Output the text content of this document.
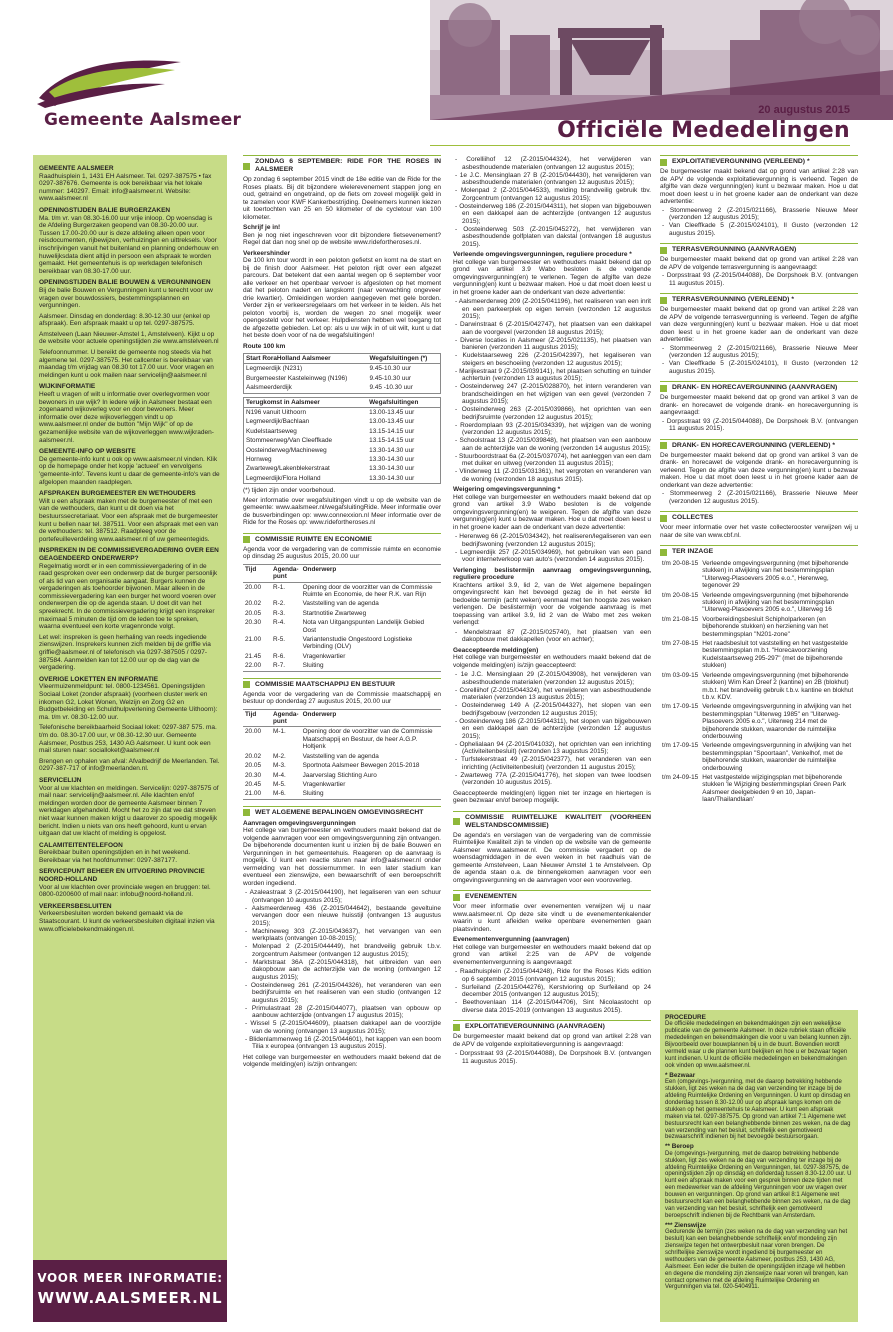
Gemeente Aalsmeer	20 augustus 2015
Officiële Mededelingen
GEMEENTE AALSMEER

Raadhuisplein 1, 1431 EH Aalsmeer. Tel. 0297-387575 • fax 0297-387676. Gemeente is ook bereikbaar via het lokale nummer: 140297. Email: info@aalsmeer.nl. Website: www.aalsmeer.nl

OPENINGSTIJDEN BALIE BURGERZAKEN

Ma. t/m vr. van 08.30-16.00 uur vrije inloop. Op woensdag is de Afdeling Burgerzaken geopend van 08.30-20.00 uur. Tussen 17.00-20.00 uur is deze afdeling alleen open voor reisdocumenten, rijbewijzen, verhuizingen en uittreksels. Voor inschrijvingen vanuit het buitenland en planning onderhouw en huwelijksdata dient altijd in persoon een afspraak te worden gemaakt. Het gemeentehuis is op werkdagen telefonisch bereikbaar van 08.30-17.00 uur.

OPENINGSTIJDEN BALIE BOUWEN & VERGUNNINGEN

Bij de balie Bouwen en Vergunningen kunt u terecht voor uw vragen over bouwdossiers, bestemmingsplannen en vergunningen.

Aalsmeer. Dinsdag en donderdag: 8.30-12.30 uur (enkel op afspraak). Een afspraak maakt u op tel. 0297-387575.

Amstelveen (Laan Nieuwer-Amstel 1, Amstelveen). Kijkt u op de website voor actuele openingstijden zie www.amstelveen.nl

Telefoonnummer. U bereikt de gemeente nog steeds via het algemene tel. 0297-387575. Het callcenter is bereikbaar van maandag t/m vrijdag van 08.30 tot 17.00 uur. Voor vragen en meldingen kunt u ook mailen naar servicelijn@aalsmeer.nl

WIJKINFORMATIE

Heeft u vragen of wilt u informatie over overlegvormen voor bewoners in uw wijk? In iedere wijk in Aalsmeer bestaat een zogenaamd wijkoverleg voor en door bewoners. Meer informatie over deze wijkoverleggen vindt u op www.aalsmeer.nl onder de button "Mijn Wijk" of op de gezamenlijke website van de wijkoverleggen www.wijkraden-aalsmeer.nl.

GEMEENTE-INFO OP WEBSITE

De gemeente-info kunt u ook op www.aalsmeer.nl vinden. Klik op de homepage onder het kopje 'actueel' en vervolgens 'gemeente-info'. Tevens kunt u daar de gemeente-info's van de afgelopen maanden raadplegen.

AFSPRAKEN BURGEMEESTER EN WETHOUDERS

Wilt u een afspraak maken met de burgemeester of met een van de wethouders, dan kunt u dit doen via het bestuurssecretariaat. Voor een afspraak met de burgemeester kunt u bellen naar tel. 387511. Voor een afspraak met een van de wethouders: tel. 387512. Raadpleeg voor de portefeuilleverdeling www.aalsmeer.nl of uw gemeentegids.

INSPREKEN IN DE COMMISSIEVERGADERING OVER EEN GEAGENDEERD ONDERWERP?

Regelmatig wordt er in een commissievergadering of in de raad gesproken over een onderwerp dat de burger persoonlijk of als lid van een organisatie aangaat. Burgers kunnen de vergaderingen als toehoorder bijwonen. Maar alleen in de commissievergadering kan een burger het woord voeren over onderwerpen die op de agenda staan. U doet dit van het spreekrecht. In de commissievergadering krijgt een inspreker maximaal 5 minuten de tijd om de leden toe te spreken, waarna eventueel een korte vragenronde volgt.

Let wel: inspreken is geen herhaling van reeds ingediende zienswijzen. Insprekers kunnen zich melden bij de griffie via griffie@aalsmeer.nl of telefonisch via 0297-387505 / 0297-387584. Aanmelden kan tot 12.00 uur op de dag van de vergadering.

OVERIGE LOKETTEN EN INFORMATIE

Vleermuizenmeldpunt: tel. 0800-1234561. Openingstijden Sociaal Loket (zonder afspraak) (voorheen cluster werk en inkomen G2, Loket Wonen, Welzijn en Zorg G2 en Budgetbeleiding en Schuldhulpverlening Gemeente Uithoorn): ma. t/m vr. 08.30-12.00 uur.

Telefonische bereikbaarheid Sociaal loket: 0297-387 575. ma. t/m do. 08.30-17.00 uur, vr 08.30-12.30 uur. Gemeente Aalsmeer, Postbus 253, 1430 AG Aalsmeer. U kunt ook een mail sturen naar: socialloket@aalsmeer.nl

Brengen en ophalen van afval: Afvalbedrijf de Meerlanden. Tel. 0297-387-717 of info@meerlanden.nl.

SERVICELIJN

Voor al uw klachten en meldingen. Servicelijn: 0297-387575 of mail naar: servicelijn@aalsmeer.nl. Alle klachten en/of meldingen worden door de gemeente Aalsmeer binnen 7 werkdagen afgehandeld. Mocht het zo zijn dat we dat streven niet waar kunnen maken krijgt u daarover zo spoedig mogelijk bericht. Indien u niets van ons heeft gehoord, kunt u ervan uitgaan dat uw klacht of melding is opgelost.

CALAMITEITENTELEFOON

Bereikbaar buiten openingstijden en in het weekend. Bereikbaar via het hoofdnummer: 0297-387177.

SERVICEPUNT BEHEER EN UITVOERING PROVINCIE NOORD-HOLLAND

Voor al uw klachten over provinciale wegen en bruggen: tel. 0800-0200600 of mail naar: infobu@noord-holland.nl.

VERKEERSBESLUITEN

Verkeersbesluiten worden bekend gemaakt via de Staatscourant. U kunt de verkeersbesluiten digitaal inzien via www.officielebekendmakingen.nl.

VOOR MEER INFORMATIE:
WWW.AALSMEER.NL
ZONDAG 6 SEPTEMBER: RIDE FOR THE ROSES IN AALSMEER
Op zondag 6 september 2015 vindt de 18e editie van de Ride for the Roses plaats. Bij dit bijzondere wielerevenement stappen jong en oud, getraind en ongetraind, op de fiets om zoveel mogelijk geld in te zamelen voor KWF Kankerbestrijding. Deelnemers kunnen kiezen uit toertochten van 25 en 50 kilometer of de cycletour van 100 kilometer.
Schrijf je in!
Ben je nog niet ingeschreven voor dit bijzondere fietsevenement? Regel dat dan nog snel op de website www.ridefortheroses.nl.
Verkeershinder
De 100 km tour wordt in een peloton gefietst en komt na de start en bij de finish door Aalsmeer. Het peloton rijdt over een afgezet parcours. Dat betekent dat een aantal wegen op 6 september voor alle verkeer en het openbaar vervoer is afgesloten op het moment dat het peloton nadert en langskomt (naar verwachting ongeveer drie kwartier). Omleidingen worden aangegeven met gele borden. Verder zijn er verkeersregelaars om het verkeer in te leiden. Als het peloton voorbij is, worden de wegen zo snel mogelijk weer opengesteld voor het verkeer. Hulpdiensten hebben wel toegang tot de afgezette gebieden. Let op: als u uw wijk in of uit wilt, kunt u dat het beste doen voor of na de wegafsluitingen!
Route 100 km
Start RoraHolland Aalsmeer	Wegafsluitingen (*)
Legmeerdijk (N231)	9.45-10.30 uur
Burgemeester Kasteleinweg (N196)	9.45-10.30 uur
Aalsmeerderdijk	9.45 -10.30 uur
Terugkomst in Aalsmeer	Wegafsluitingen
N196 vanuit Uithoorn	13.00-13.45 uur
Legmeerdijk/Bachlaan	13.00-13.45 uur
Kudelstaartseweg	13.15-14.15 uur
Stommeerweg/Van Cleeffkade	13.15-14.15 uur
Oosteinderweg/Machineweg	13.30-14.30 uur
Hornweg	13.30-14.30 uur
Zwarteweg/Lakenblekerstraat	13.30-14.30 uur
Legmeerdijk/Flora Holland	13.30-14.30 uur
(*) tijden zijn onder voorbehoud.
Meer informatie over wegafsluitingen vindt u op de website van de gemeente: www.aalsmeer.nl/wegafsluitingRide. Meer informatie over de busverbindingen op: www.connexxion.nl Meer informatie over de Ride for the Roses op: www.ridefortheroses.nl
COMMISSIE RUIMTE EN ECONOMIE
Agenda voor de vergadering van de commissie ruimte en economie op dinsdag 25 augustus 2015, 20.00 uur
Tijd	Agenda-punt	Onderwerp
20.00	R-1.	Opening door de voorzitter van de Commissie Ruimte en Economie, de heer R.K. van Rijn
20.02	R-2.	Vaststelling van de agenda
20.05	R-3.	Startnotitie Zwarteweg
20.30	R-4.	Nota van Uitgangspunten Landelijk Gebied Oost
21.00	R-5.	Variantenstudie Ongestoord Logistieke Verbinding (OLV)
21.45	R-6.	Vragenkwartier
22.00	R-7.	Sluiting
COMMISSIE MAATSCHAPPIJ EN BESTUUR
Agenda voor de vergadering van de Commissie maatschappij en bestuur op donderdag 27 augustus 2015, 20.00 uur
Tijd	Agenda-punt	Onderwerp
20.00	M-1.	Opening door de voorzitter van de Commissie Maatschappij en Bestuur, de heer A.G.P. Holtjenk
20.02	M-2.	Vaststelling van de agenda
20.05	M-3.	Sportnota Aalsmeer Bewegen 2015-2018
20.30	M-4.	Jaarverslag Stichting Auro
20.45	M-5.	Vragenkwartier
21.00	M-6.	Sluiting
WET ALGEMENE BEPALINGEN OMGEVINGSRECHT
Aanvragen omgevingsvergunningen
Het college van burgemeester en wethouders maakt bekend dat de volgende aanvragen voor een omgevingsvergunning zijn ontvangen. De bijbehorende documenten kunt u inzien bij de balie Bouwen en Vergunningen in het gemeentehuis. Reageren op de aanvraag is mogelijk. U kunt een reactie sturen naar info@aalsmeer.nl onder vermelding van het dossiernummer. In een later stadium kan eventueel een zienswijze, een bewaarschrift of een beroepschrift worden ingediend.
- Azaleastraat 3 (Z-2015/044190), het legaliseren van een schuur (ontvangen 10 augustus 2015);
- Aalsmeerderweg 436 (Z-2015/044642), bestaande geveltuine vervangen door een nieuwe huisstijl (ontvangen 13 augustus 2015);
- Machineweg 303 (Z-2015/043637), het vervangen van een werkplaats (ontvangen 10-08-2015);
- Molenpad 2 (Z-2015/044449), het brandveilig gebruik t.b.v. zorgcentrum Aalsmeer (ontvangen 12 augustus 2015);
- Marktstraat 36A (Z-2015/044318), het uitbreiden van een dakopbouw aan de achterzijde van de woning (ontvangen 12 augustus 2015);
- Oosteinderweg 261 (Z-2015/044326), het veranderen van een bedrijfsruimte en het realiseren van een studio (ontvangen 12 augustus 2015);
- Primulastraat 28 (Z-2015/044077), plaatsen van opbouw op aanbouw achterzijde (ontvangen 17 augustus 2015);
- Wissel 5 (Z-2015/044609), plaatsen dakkapel aan de voorzijde van de woning (ontvangen 13 augustus 2015);
- Blidenlammenweg 16 (Z-2015/044601), het kappen van een boom Tilia x europea (ontvangen 13 augustus 2015).
Het college van burgemeester en wethouders maakt bekend dat de volgende melding(en) is/zijn ontvangen:
- Corelliihof 12 (Z-2015/044324), het verwijderen van asbesthoudende materialen (ontvangen 12 augustus 2015);
- 1e J.C. Mensinglaan 27 B (Z-2015/044430), het verwijderen van asbesthoudende materialen (ontvangen 12 augustus 2015);
- Molenpad 2 (Z-2015/044533), melding brandveilig gebruik tbv. Zorgcentrum (ontvangen 12 augustus 2015);
- Oosteinderweg 186 (Z-2015/044311), het slopen van bijgebouwen en een dakkapel aan de achterzijde (ontvangen 12 augustus 2015);
- Oosteinderweg 503 (Z-2015/045272), het verwijderen van asbesthoudende golfplaten van dakstal (ontvangen 18 augustus 2015).
Verleende omgevingsvergunningen, reguliere procedure *
Het college van burgemeester en wethouders maakt bekend dat op grond van artikel 3.9 Wabo besloten is de volgende omgevingsvergunning(en) te verlenen. Tegen de afgifte van deze vergunning(en) kunt u bezwaar maken. Hoe u dat moet doen leest u in het groene kader aan de onderkant van deze advertentie:
- Aalsmeerderweg 209 (Z-2015/041196), het realiseren van een inrit en een parkeerplek op eigen terrein (verzonden 12 augustus 2015);
- Darwinstraat 6 (Z-2015/042747), het plaatsen van een dakkapel aan de voorgevel (verzonden 18 augustus 2015);
- Diverse locaties in Aalsmeer (Z-2015/021135), het plaatsen van banieren (verzonden 11 augustus 2015);
- Kudelstaarseweg 226 (Z-2015/042397), het legaliseren van steigers en beschoeiing (verzonden 12 augustus 2015);
- Marijkestraat 9 (Z-2015/039141), het plaatsen schutting en tuinder achtertuin (verzonden 13 augustus 2015);
- Oosteinderweg 247 (Z-2015/028870), het intern veranderen van brandscheidingen en het wijzigen van een gevel (verzonden 7 augustus 2015);
- Oosteinderweg 263 (Z-2015/039866), het oprichten van een bedrijfsruimte (verzonden 12 augustus 2015);
- Roerdomplaan 93 (Z-2015/034339), het wijzigen van de woning (verzonden 12 augustus 2015);
- Schoolstraat 13 (Z-2015/039848), het plaatsen van een aanbouw aan de achterzijde van de woning (verzonden 14 augustus 2015);
- Stuurboordstraat 6a (Z-2015/037074), het aanleggen van een dam met duiker en uitweg (verzonden 11 augustus 2015);
- Vlinderweg 11 (Z-2015/031361), het vergroten en veranderen van de woning (verzonden 18 augustus 2015).
Weigering omgevingsvergunning *
Het college van burgemeester en wethouders maakt bekend dat op grond van artikel 3.9 Wabo besloten is de volgende omgevingsvergunning(en) te weigeren. Tegen de afgifte van deze vergunning(en) kunt u bezwaar maken. Hoe u dat moet doen leest u in het groene kader aan de onderkant van deze advertentie:
- Herenweg 66 (Z-2015/034342), het realiseren/legaliseren van een bedrijfswoning (verzonden 12 augustus 2015);
- Legmeerdijk 257 (Z-2015/034969), het gebruiken van een pand voor internetverkoop van auto's (verzonden 14 augustus 2015).
Verlenging beslistermijn aanvraag omgevingsvergunning, reguliere procedure
Krachtens artikel 3.9, lid 2, van de Wet algemene bepalingen omgevingsrecht kan het bevoegd gezag de in het eerste lid bedoelde termijn (acht weken) eenmaal met ten hoogste zes weken verlengen. De beslistermijn voor de volgende aanvraag is met toepassing van artikel 3.9, lid 2 van de Wabo met zes weken verlengd:
- Mendelstraat 87 (Z-2015/025740), het plaatsen van een dakopbouw met dakkapellen (voor en achter);
Geaccepteerde melding(en)
Het college van burgemeester en wethouders maakt bekend dat de volgende melding(en) is/zijn geaccepteerd:
- 1e J.C. Mensinglaan 29 (Z-2015/043908), het verwijderen van asbesthoudende materialen (verzonden 12 augustus 2015);
- Corelliihof (Z-2015/044324), het verwijderen van asbesthoudende materialen (verzonden 13 augustus 2015);
- Oosteinderweg 149 A (Z-2015/044327), het slopen van een bedrijfsgebouw (verzonden 12 augustus 2015);
- Oosteinderweg 186 (Z-2015/044311), het slopen van bijgebouwen en een dakkapel aan de achterzijde (verzonden 12 augustus 2015);
- Ophelialaan 94 (Z-2015/041032), het oprichten van een inrichting (Activiteitenbesluit) (verzonden 13 augustus 2015);
- Turfstekerstraat 49 (Z-2015/042377), het veranderen van een inrichting (Activiteitenbesluit) (verzonden 11 augustus 2015);
- Zwarteweg 77A (Z-2015/041776), het slopen van twee loodsen (verzonden 10 augustus 2015).
Geaccepteerde melding(en) liggen niet ter inzage en hiertegen is geen bezwaar en/of beroep mogelijk.
COMMISSIE RUIMTELIJKE KWALITEIT (VOORHEEN WELSTANDSCOMMISSIE)
De agenda's en verslagen van de vergadering van de commissie Ruimtelijke Kwaliteit zijn te vinden op de website van de gemeente Aalsmeer www.aalsmeer.nl. De commissie vergadert op de woensdagmiddagen in de even weken in het raadhuis van de gemeente Amstelveen, Laan Nieuwer Amstel 1 te Amstelveen. Op de agenda staan o.a. de binnengekomen aanvragen voor een omgevingsvergunning en de aanvragen voor een vooroverleg.
EVENEMENTEN
Voor meer informatie over evenementen verwijzen wij u naar www.aalsmeer.nl. Op deze site vindt u de evenementenkalender waarin u kunt afleiden welke openbare evenementen gaan plaatsvinden.
Evenementenvergunning (aanvragen)
Het college van burgemeester en wethouders maakt bekend dat op grond van artikel 2:25 van de APV de volgende evenementenvergunning is aangevraagd:
- Raadhuisplein (Z-2015/044248), Ride for the Roses Kids edition op 6 september 2015 (ontvangen 12 augustus 2015);
- Surfeiland (Z-2015/044276), Kerstvioring op Surfeiland op 24 december 2015 (ontvangen 12 augustus 2015);
- Beethovenlaan 114 (Z-2015/044706), Sint Nicolaastocht op diverse data 2015-2019 (ontvangen 13 augustus 2015).
EXPLOITATIEVERGUNNING (AANVRAGEN)
De burgemeester maakt bekend dat op grond van artikel 2:28 van de APV de volgende exploitatievergunning is aangevraagd:
- Dorpsstraat 93 (Z-2015/044088), De Dorpshoek B.V. (ontvangen 11 augustus 2015).
EXPLOITATIEVERGUNNING (VERLEEND) *
De burgemeester maakt bekend dat op grond van artikel 2:28 van de APV de volgende exploitatievergunning is verleend. Tegen de afgifte van deze vergunning(en) kunt u bezwaar maken. Hoe u dat moet doen leest u in het groene kader aan de onderkant van deze advertentie:
- Stommeerweg 2 (Z-2015/021166), Brasserie Nieuwe Meer (verzonden 12 augustus 2015);
- Van Cleeffkade 5 (Z-2015/024101), Il Gusto (verzonden 12 augustus 2015).
TERRASVERGUNNING (AANVRAGEN)
De burgemeester maakt bekend dat op grond van artikel 2:28 van de APV de volgende terrasvergunning is aangevraagd:
- Dorpsstraat 93 (Z-2015/044088), De Dorpshoek B.V. (ontvangen 11 augustus 2015).
TERRASVERGUNNING (VERLEEND) *
De burgemeester maakt bekend dat op grond van artikel 2:28 van de APV de volgende terrasvergunning is verleend. Tegen de afgifte van deze vergunning(en) kunt u bezwaar maken. Hoe u dat moet doen leest u in het groene kader aan de onderkant van deze advertentie:
- Stommeerweg 2 (Z-2015/021166), Brasserie Nieuwe Meer (verzonden 12 augustus 2015);
- Van Cleeffkade 5 (Z-2015/024101), Il Gusto (verzonden 12 augustus 2015).
DRANK- EN HORECAVERGUNNING (AANVRAGEN)
De burgemeester maakt bekend dat op grond van artikel 3 van de drank- en horecawet de volgende drank- en horecavergunning is aangevraagd:
- Dorpsstraat 93 (Z-2015/044088), De Dorpshoek B.V. (ontvangen 11 augustus 2015).
DRANK- EN HORECAVERGUNNING (VERLEEND) *
De burgemeester maakt bekend dat op grond van artikel 3 van de drank- en horecawet de volgende drank- en horecavergunning is verleend. Tegen de afgifte van deze vergunning(en) kunt u bezwaar maken. Hoe u dat moet doen leest u in het groene kader aan de onderkant van deze advertentie:
- Stommeerweg 2 (Z-2015/021166), Brasserie Nieuwe Meer (verzonden 12 augustus 2015).
COLLECTES
Voor meer informatie over het vaste collecterooster verwijzen wij u naar de site van www.cbf.nl.
TER INZAGE
t/m 20-08-15	Verleende omgevingsvergunning (met bijbehorende stukken) in afwijking van het bestemmingsplan "Uiterweg-Plasoevers 2005 e.o.", Herenweg, tegenover 29
t/m 20-08-15	Verleende omgevingsvergunning (met bijbehorende stukken) in afwijking van het bestemmingsplan "Uiterweg-Plasoevers 2005 e.o.", Uiterweg 16
t/m 21-08-15	Voorbereidingsbesluit Schipholparkeren (en bijbehorende stukken) en herziening van het bestemmingsplan "N201-zone"
t/m 27-08-15	Het raadsbesluit tot vaststelling en het vastgestelde bestemmingsplan m.b.t. "Horecavoorziening Kudelstaartseweg 295-297" (met de bijbehorende stukken)
t/m 03-09-15	Verleende omgevingsvergunning (met bijbehorende stukken) Wim Kan Dreef 2 (kantine) en 2B (blokhut) m.b.t. het brandveilig gebruik t.b.v. kantine en blokhut t.b.v. KDV.
t/m 17-09-15	Verleende omgevingsvergunning in afwijking van het bestemmingsplan "Uiterweg 1985" en "Uiterweg-Plasoevers 2005 e.o.", Uiterweg 214 met de bijbehorende stukken, waaronder de ruimtelijke onderbouwing
t/m 17-09-15	Verleende omgevingsvergunning in afwijking van het bestemmingsplan "Spoortaan", Venkelhof, met de bijbehorende stukken, waaronder de ruimtelijke onderbouwing
t/m 24-09-15	Het vastgestelde wijzigingsplan met bijbehorende stukken 'le Wijziging bestemmingsplan Green Park Aalsmeer deelgebieden 9 en 10, Japan-laan/Thailandlaan'
PROCEDURE
De officiële mededelingen en bekendmakingen zijn een wekelijkse publicatie van de gemeente Aalsmeer. In deze rubriek staan officiële mededelingen en bekendmakingen die voor u van belang kunnen zijn. Bijvoorbeeld over bouwplannen bij u in de buurt. Bovendien wordt vermeld waar u de plannen kunt bekijken en hoe u er bezwaar tegen kunt indienen. U kunt de officiële mededelingen en bekendmakingen ook vinden op www.aalsmeer.nl.
* Bezwaar
Een (omgevings-)vergunning, met de daarop betrekking hebbende stukken, ligt zes weken na de dag van verzending ter inzage bij de afdeling Ruimtelijke Ordening en Vergunningen. U kunt op dinsdag en donderdag tussen 8.30-12.00 uur op afspraak langs komen om de stukken op het gemeentehuis te Aalsmeer. U kunt een afspraak maken via tel. 0297-387575. Op grond van artikel 7:1 Algemene wet bestuursrecht kan een belanghebbende binnen zes weken, na de dag van verzending van het besluit, schriftelijk een gemotiveerd bezwaarschrift indienen bij het bevoegde bestuursorgaan.
** Beroep
De (omgevings-)vergunning, met de daarop betrekking hebbende stukken, ligt zes weken na de dag van verzending ter inzage bij de afdeling Ruimtelijke Ordening en Vergunningen, tel. 0297-387575, de openingstijden zijn op dinsdag en donderdag tussen 8.30-12.00 uur. U kunt een afspraak maken voor een gesprek binnen deze tijden met een medewerker van de afdeling Vergunningen voor uw vragen over bouwen en vergunningen. Op grond van artikel 8:1 Algemene wet bestuursrecht kan een belanghebbende binnen zes weken, na de dag van verzending van het besluit, schriftelijk een gemotiveerd beroepschrift indienen bij de Rechtbank van Amsterdam.
*** Zienswijze
Gedurende de termijn (zes weken na de dag van verzending van het besluit) kan een belanghebbende schriftelijk en/of mondeling zijn zienswijze tegen het ontwerpbesluit naar voren brengen. De schriftelijke zienswijze wordt ingediend bij burgemeester en wethouders van de gemeente Aalsmeer, postbus 253, 1430 AG, Aalsmeer. Een ieder die buiten de openingstijden inzage wil hebben en degene die mondeling zijn zienswijze naar voren wil brengen, kan contact opnemen met de afdeling Ruimtelijke Ordening en Vergunningen via tel. 020-5404911.
